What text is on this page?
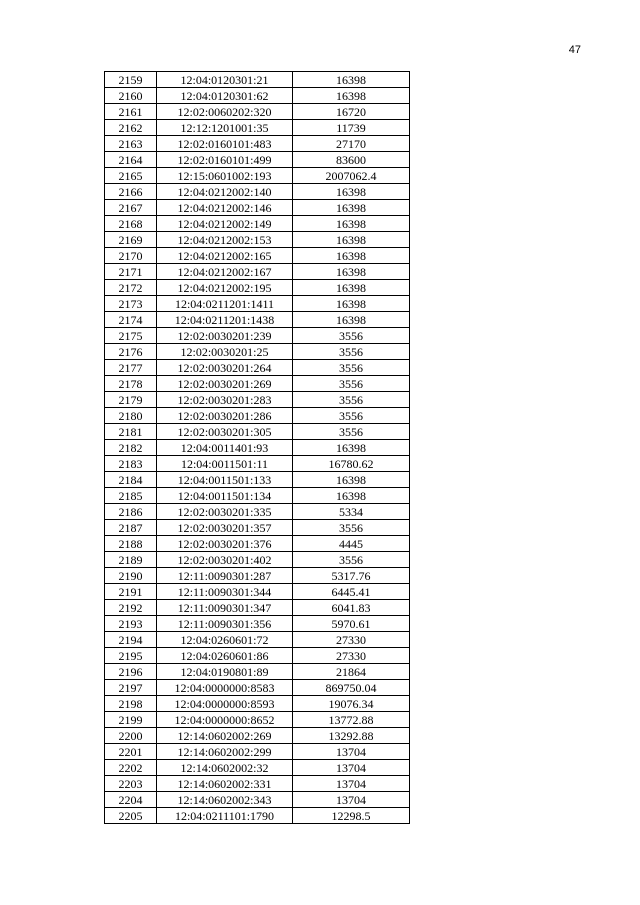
47
2159	12:04:0120301:21	16398
2160	12:04:0120301:62	16398
2161	12:02:0060202:320	16720
2162	12:12:1201001:35	11739
2163	12:02:0160101:483	27170
2164	12:02:0160101:499	83600
2165	12:15:0601002:193	2007062.4
2166	12:04:0212002:140	16398
2167	12:04:0212002:146	16398
2168	12:04:0212002:149	16398
2169	12:04:0212002:153	16398
2170	12:04:0212002:165	16398
2171	12:04:0212002:167	16398
2172	12:04:0212002:195	16398
2173	12:04:0211201:1411	16398
2174	12:04:0211201:1438	16398
2175	12:02:0030201:239	3556
2176	12:02:0030201:25	3556
2177	12:02:0030201:264	3556
2178	12:02:0030201:269	3556
2179	12:02:0030201:283	3556
2180	12:02:0030201:286	3556
2181	12:02:0030201:305	3556
2182	12:04:0011401:93	16398
2183	12:04:0011501:11	16780.62
2184	12:04:0011501:133	16398
2185	12:04:0011501:134	16398
2186	12:02:0030201:335	5334
2187	12:02:0030201:357	3556
2188	12:02:0030201:376	4445
2189	12:02:0030201:402	3556
2190	12:11:0090301:287	5317.76
2191	12:11:0090301:344	6445.41
2192	12:11:0090301:347	6041.83
2193	12:11:0090301:356	5970.61
2194	12:04:0260601:72	27330
2195	12:04:0260601:86	27330
2196	12:04:0190801:89	21864
2197	12:04:0000000:8583	869750.04
2198	12:04:0000000:8593	19076.34
2199	12:04:0000000:8652	13772.88
2200	12:14:0602002:269	13292.88
2201	12:14:0602002:299	13704
2202	12:14:0602002:32	13704
2203	12:14:0602002:331	13704
2204	12:14:0602002:343	13704
2205	12:04:0211101:1790	12298.5
